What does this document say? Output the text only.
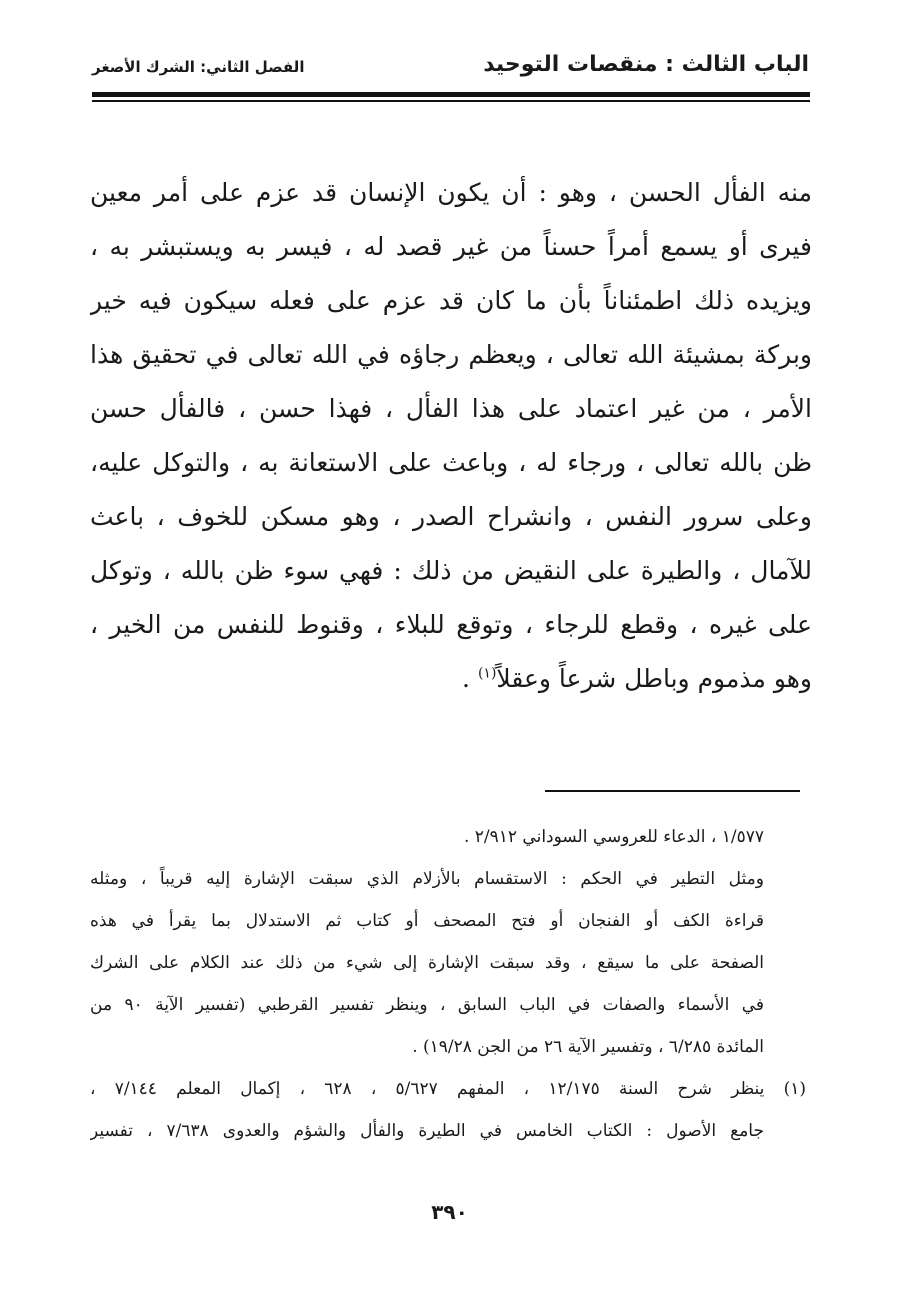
الباب الثالث : منقصات التوحيد
الفصل الثاني: الشرك الأصغر
منه الفأل الحسن ، وهو : أن يكون الإنسان قد عزم على أمر معين
فيرى أو يسمع أمراً حسناً من غير قصد له ، فيسر به ويستبشر به ،
ويزيده ذلك اطمئناناً بأن ما كان قد عزم على فعله سيكون فيه خير
وبركة بمشيئة الله تعالى ، ويعظم رجاؤه في الله تعالى في تحقيق هذا
الأمر ، من غير اعتماد على هذا الفأل ، فهذا حسن ، فالفأل حسن
ظن بالله تعالى ، ورجاء له ، وباعث على الاستعانة به ، والتوكل عليه،
وعلى سرور النفس ، وانشراح الصدر ، وهو مسكن للخوف ، باعث
للآمال ، والطيرة على النقيض من ذلك : فهي سوء ظن بالله ، وتوكل
على غيره ، وقطع للرجاء ، وتوقع للبلاء ، وقنوط للنفس من الخير ،
وهو مذموم وباطل شرعاً وعقلاً$^{(١)}$ .
١/٥٧٧ ، الدعاء للعروسي السوداني ٢/٩١٢ .
ومثل التطير في الحكم : الاستقسام بالأزلام الذي سبقت الإشارة إليه قريباً ، ومثله
قراءة الكف أو الفنجان أو فتح المصحف أو كتاب ثم الاستدلال بما يقرأ في هذه
الصفحة على ما سيقع ، وقد سبقت الإشارة إلى شيء من ذلك عند الكلام على الشرك
في الأسماء والصفات في الباب السابق ، وينظر تفسير القرطبي (تفسير الآية ٩٠ من
المائدة ٦/٢٨٥ ، وتفسير الآية ٢٦ من الجن ١٩/٢٨) .
(١) ينظر شرح السنة ١٢/١٧٥ ، المفهم ٥/٦٢٧ ، ٦٢٨ ، إكمال المعلم ٧/١٤٤ ،
جامع الأصول : الكتاب الخامس في الطيرة والفأل والشؤم والعدوى ٧/٦٣٨ ، تفسير
٣٩٠
